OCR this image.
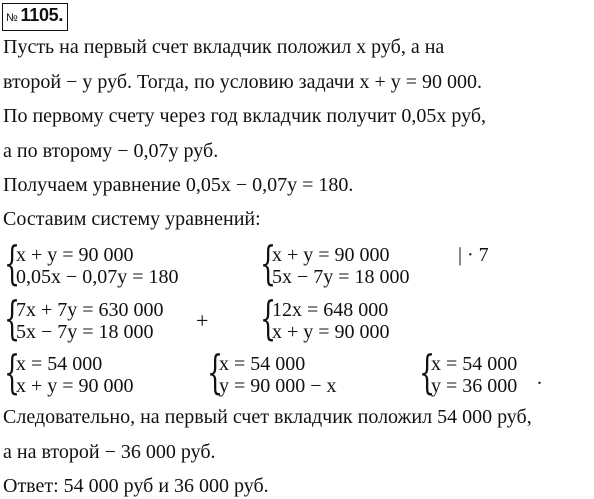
№ 1105.
Пусть на первый счет вкладчик положил x руб, а на
второй − y руб. Тогда, по условию задачи x + y = 90 000.
По первому счету через год вкладчик получит 0,05x руб,
а по второму − 0,07y руб.
Получаем уравнение 0,05x − 0,07y = 180.
Составим систему уравнений:
{
x + y = 90 000
0,05x − 0,07y = 180 {
x + y = 90 000
5x − 7y = 18 000
| · 7
{
7x + 7y = 630 000
5x − 7y = 18 000 + {
12x = 648 000
x + y = 90 000
{
x = 54 000
x + y = 90 000 {
x = 54 000
y = 90 000 − x {
x = 54 000
y = 36 000 .
Следовательно, на первый счет вкладчик положил 54 000 руб,
а на второй − 36 000 руб.
Ответ: 54 000 руб и 36 000 руб.
